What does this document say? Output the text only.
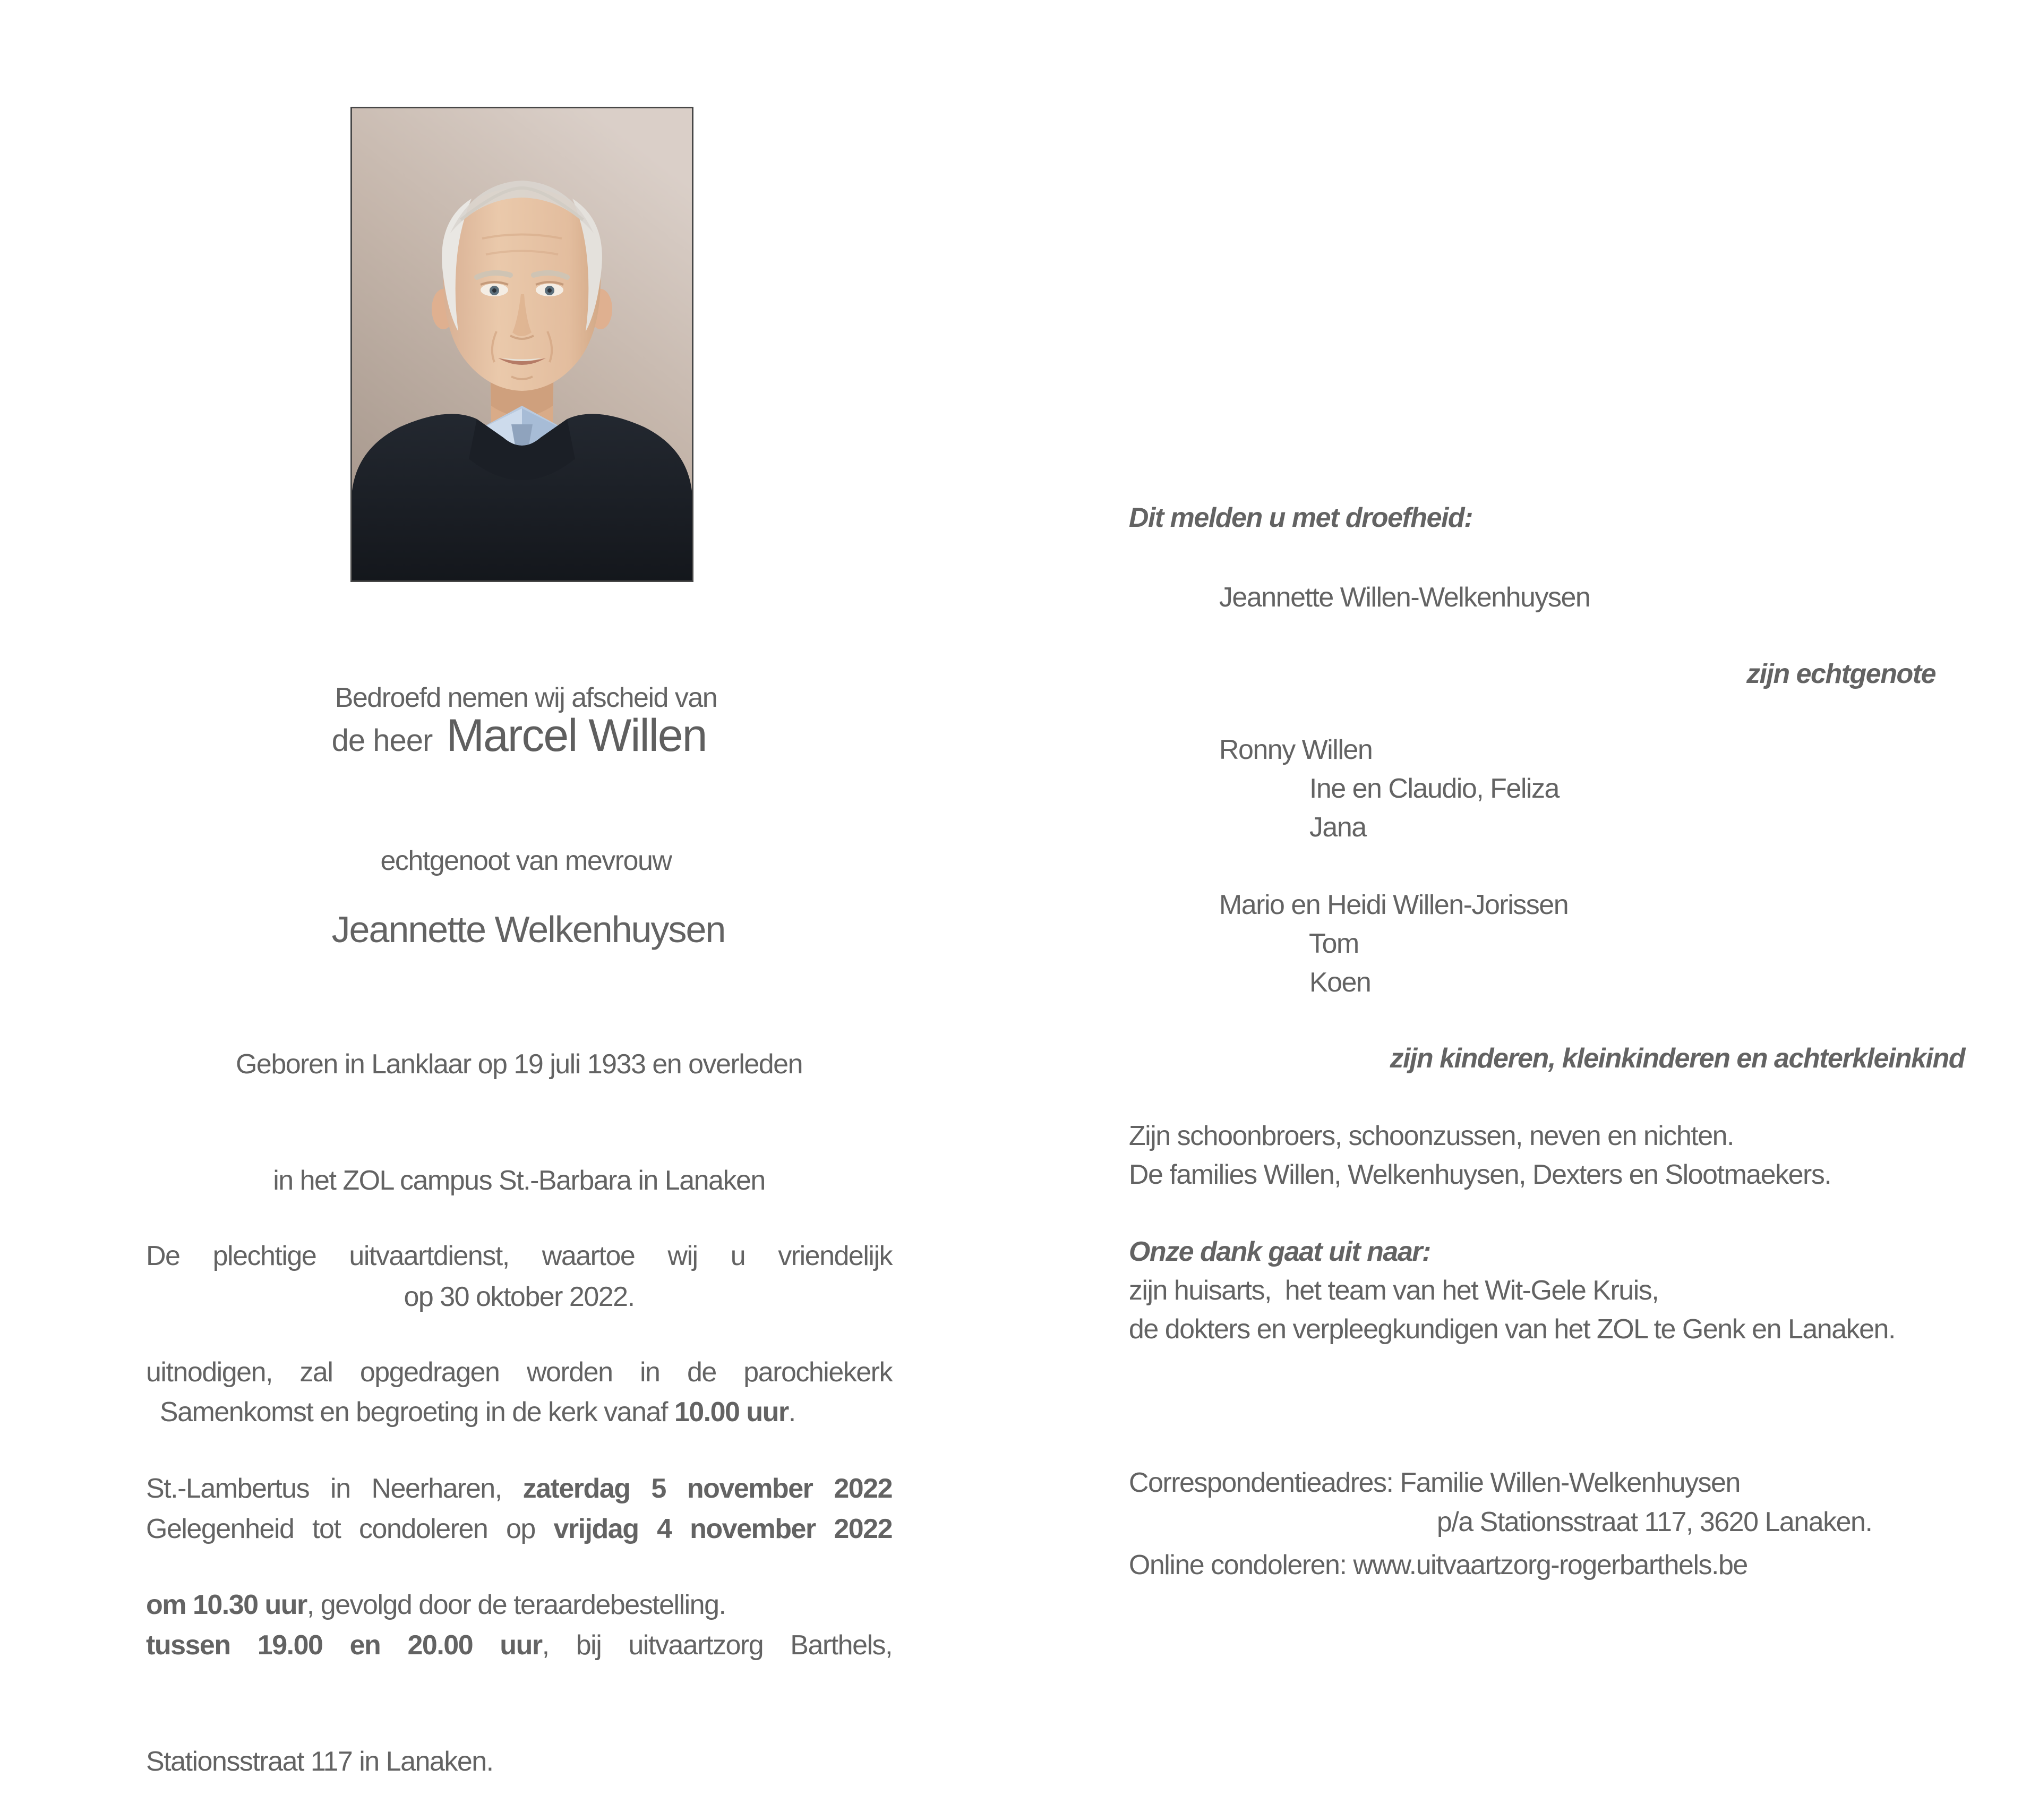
Bedroefd nemen wij afscheid van

de heer Marcel Willen

echtgenoot van mevrouw

Jeannette Welkenhuysen

Geboren in Lanklaar op 19 juli 1933 en overleden

in het ZOL campus St.-Barbara in Lanaken

op 30 oktober 2022.

De plechtige uitvaartdienst, waartoe wij u vriendelijk

uitnodigen, zal opgedragen worden in de parochiekerk

St.-Lambertus in Neerharen, zaterdag 5 november 2022

om 10.30 uur, gevolgd door de teraardebestelling.

Samenkomst en begroeting in de kerk vanaf 10.00 uur.

Gelegenheid tot condoleren op vrijdag 4 november 2022

tussen 19.00 en 20.00 uur, bij uitvaartzorg Barthels,

Stationsstraat 117 in Lanaken.

Dit melden u met droefheid:

Jeannette Willen-Welkenhuysen

zijn echtgenote

Ronny Willen

Ine en Claudio, Feliza

Jana

Mario en Heidi Willen-Jorissen

Tom

Koen

zijn kinderen, kleinkinderen en achterkleinkind

Zijn schoonbroers, schoonzussen, neven en nichten.

De families Willen, Welkenhuysen, Dexters en Slootmaekers.

Onze dank gaat uit naar:

zijn huisarts,  het team van het Wit-Gele Kruis,

de dokters en verpleegkundigen van het ZOL te Genk en Lanaken.

Correspondentieadres: Familie Willen-Welkenhuysen

p/a Stationsstraat 117, 3620 Lanaken.

Online condoleren: www.uitvaartzorg-rogerbarthels.be
